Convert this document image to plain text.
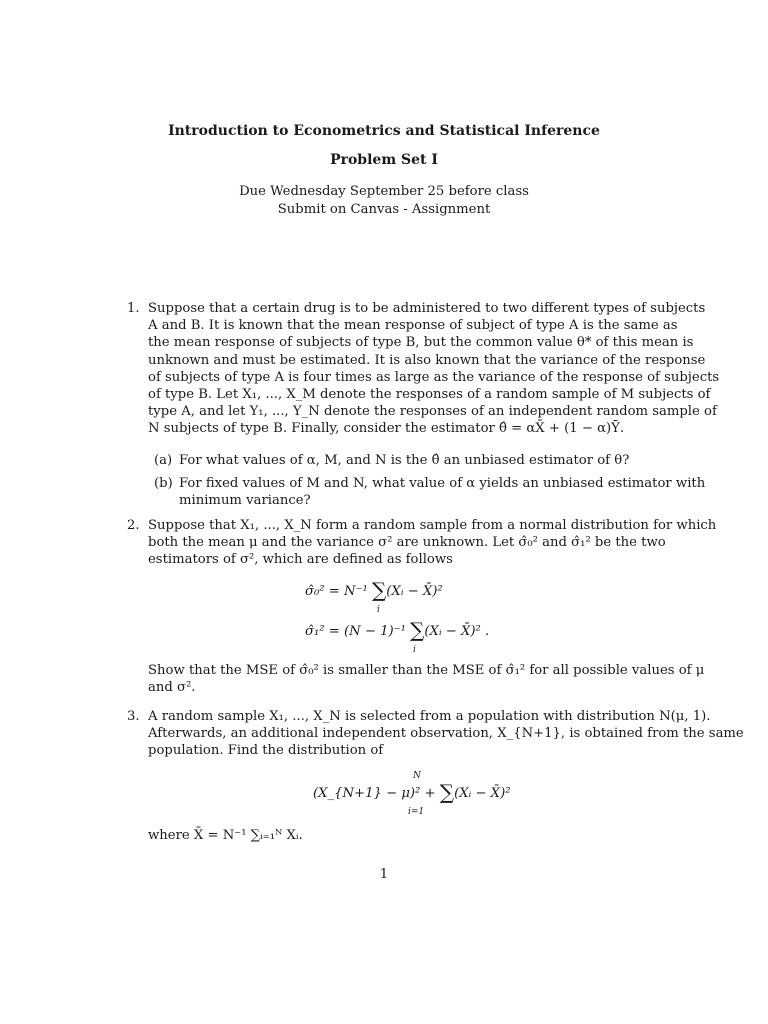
Introduction to Econometrics and Statistical Inference
Problem Set I
Due Wednesday September 25 before class
Submit on Canvas - Assignment
1. Suppose that a certain drug is to be administered to two different types of subjects
A and B. It is known that the mean response of subject of type A is the same as
the mean response of subjects of type B, but the common value θ* of this mean is
unknown and must be estimated. It is also known that the variance of the response
of subjects of type A is four times as large as the variance of the response of subjects
of type B. Let X₁, ..., X_M denote the responses of a random sample of M subjects of
type A, and let Y₁, ..., Y_N denote the responses of an independent random sample of
N subjects of type B. Finally, consider the estimator θ̂ = αX̄ + (1 − α)Ȳ.
(a) For what values of α, M, and N is the θ̂ an unbiased estimator of θ?
(b) For fixed values of M and N, what value of α yields an unbiased estimator with
minimum variance?
2. Suppose that X₁, ..., X_N form a random sample from a normal distribution for which
both the mean μ and the variance σ² are unknown. Let σ̂₀² and σ̂₁² be the two
estimators of σ², which are defined as follows
σ̂₀² = N⁻¹ ∑(Xᵢ − X̄)²
i
σ̂₁² = (N − 1)⁻¹ ∑(Xᵢ − X̄)² .
i
Show that the MSE of σ̂₀² is smaller than the MSE of σ̂₁² for all possible values of μ
and σ².
3. A random sample X₁, ..., X_N is selected from a population with distribution N(μ, 1).
Afterwards, an additional independent observation, X_{N+1}, is obtained from the same
population. Find the distribution of
(X_{N+1} − μ)² + ∑(Xᵢ − X̄)²
N
i=1
where X̄ = N⁻¹ ∑ᵢ₌₁ᴺ Xᵢ.
1
